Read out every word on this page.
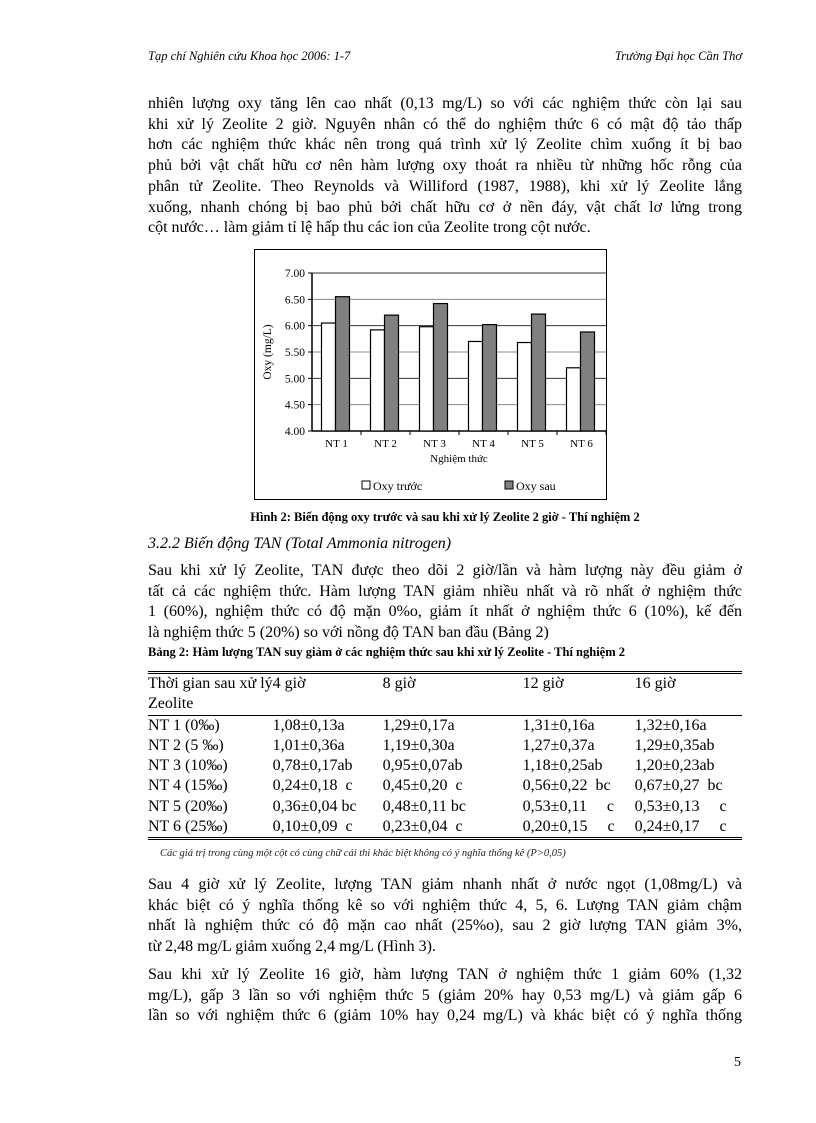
Tạp chí Nghiên cứu Khoa học 2006: 1-7	Trường Đại học Cần Thơ
nhiên lượng oxy tăng lên cao nhất (0,13 mg/L) so với các nghiệm thức còn lại sau
khi xử lý Zeolite 2 giờ. Nguyên nhân có thể do nghiệm thức 6 có mật độ tảo thấp
hơn các nghiệm thức khác nên trong quá trình xử lý Zeolite chìm xuống ít bị bao
phủ bởi vật chất hữu cơ nên hàm lượng oxy thoát ra nhiều từ những hốc rỗng của
phân tử Zeolite. Theo Reynolds và Williford (1987, 1988), khi xử lý Zeolite lắng
xuống, nhanh chóng bị bao phủ bởi chất hữu cơ ở nền đáy, vật chất lơ lửng trong
cột nước… làm giảm tỉ lệ hấp thu các ion của Zeolite trong cột nước.
4.00
4.50
5.00
5.50
6.00
6.50
7.00
NT 1 NT 2 NT 3 NT 4 NT 5 NT 6
Nghiệm thức
Oxy (mg/L)
Oxy trước	Oxy sau
Hình 2: Biến động oxy trước và sau khi xử lý Zeolite 2 giờ - Thí nghiệm 2
3.2.2 Biến động TAN (Total Ammonia nitrogen)
Sau khi xử lý Zeolite, TAN được theo dõi 2 giờ/lần và hàm lượng này đều giảm ở
tất cả các nghiệm thức. Hàm lượng TAN giảm nhiều nhất và rõ nhất ở nghiệm thức
1 (60%), nghiệm thức có độ mặn 0%o, giảm ít nhất ở nghiệm thức 6 (10%), kế đến
là nghiệm thức 5 (20%) so với nồng độ TAN ban đầu (Bảng 2)
Bảng 2: Hàm lượng TAN suy giảm ở các nghiệm thức sau khi xử lý Zeolite - Thí nghiệm 2
Thời gian sau xử lý
Zeolite	4 giờ	8 giờ	12 giờ	16 giờ
NT 1 (0‰)	1,08±0,13a	1,29±0,17a	1,31±0,16a	1,32±0,16a
NT 2 (5 ‰)	1,01±0,36a	1,19±0,30a	1,27±0,37a	1,29±0,35ab
NT 3 (10‰)	0,78±0,17ab	0,95±0,07ab	1,18±0,25ab	1,20±0,23ab
NT 4 (15‰)	0,24±0,18  c	0,45±0,20  c	0,56±0,22  bc	0,67±0,27  bc
NT 5 (20‰)	0,36±0,04 bc	0,48±0,11 bc	0,53±0,11     c	0,53±0,13     c
NT 6 (25‰)	0,10±0,09  c	0,23±0,04  c	0,20±0,15     c	0,24±0,17     c
Các giá trị trong cùng một cột có cùng chữ cái thì khác biệt không có ý nghĩa thống kê (P>0,05)
Sau 4 giờ xử lý Zeolite, lượng TAN giảm nhanh nhất ở nước ngọt (1,08mg/L) và
khác biệt có ý nghĩa thống kê so với nghiệm thức 4, 5, 6. Lượng TAN giảm chậm
nhất là nghiệm thức có độ mặn cao nhất (25%o), sau 2 giờ lượng TAN giảm 3%,
từ 2,48 mg/L giảm xuống 2,4 mg/L (Hình 3).
Sau khi xử lý Zeolite 16 giờ, hàm lượng TAN ở nghiệm thức 1 giảm 60% (1,32
mg/L), gấp 3 lần so với nghiệm thức 5 (giảm 20% hay 0,53 mg/L) và giảm gấp 6
lần so với nghiệm thức 6 (giảm 10% hay 0,24 mg/L) và khác biệt có ý nghĩa thống
5
